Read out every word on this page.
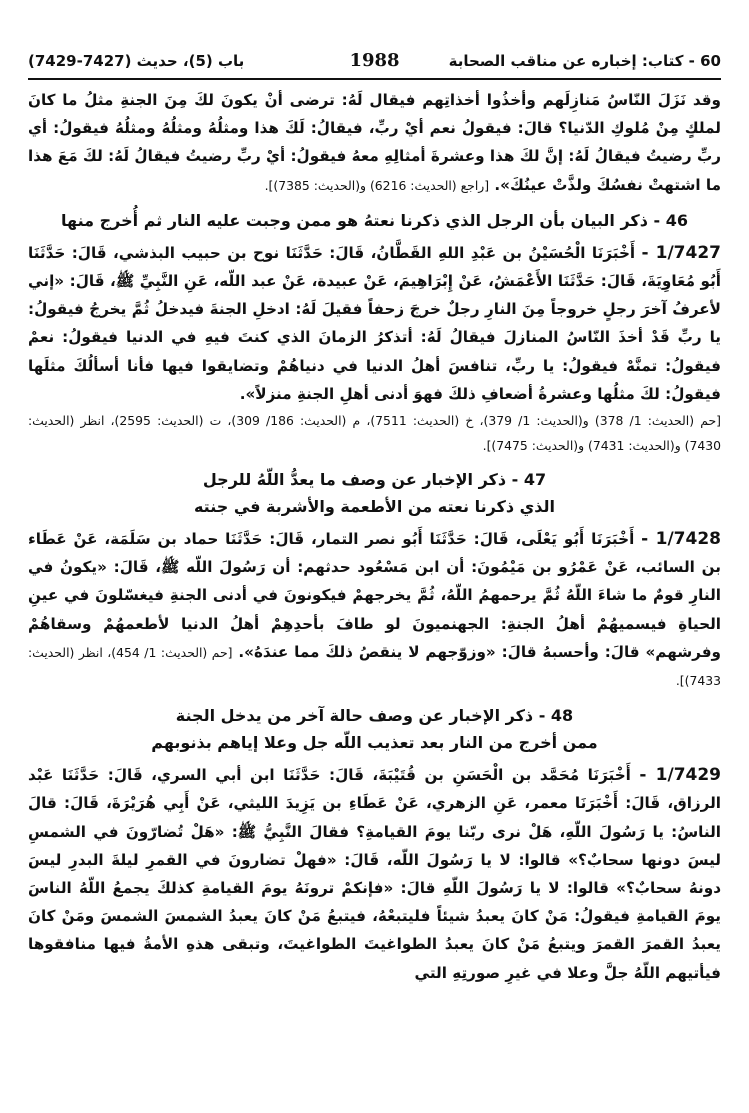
60 - كتاب: إخباره عن مناقب الصحابة
1988
باب (5)، حديث (7427-7429)

وقد نَزَلَ النّاسُ مَنازِلَهم وأخذُوا أخذاتِهم فيقال لَهُ: ترضى أنْ يكونَ لكَ مِنَ الجنةِ مثلُ ما كانَ لملكٍ مِنْ مُلوكِ الدّنيا؟ قالَ: فيقولُ نعم أيْ ربِّ، فيقالُ: لَكَ هذا ومثلُهُ ومثلُهُ ومثلُهُ فيقولُ: أي ربِّ رضيتُ فيقالُ لَهُ: إنَّ لكَ هذا وعشرةَ أمثالِهِ معهُ فيقولُ: أيْ ربِّ رضيتُ فيقالُ لَهُ: لكَ مَعَ هذا ما اشتهتْ نفسُكَ ولذَّتْ عينُكَ». [راجع (الحديث: 6216) و(الحديث: 7385)].

46 - ذكر البيان بأن الرجل الذي ذكرنا نعتهُ هو ممن وجبت عليه النار ثم أُخرج منها

1/7427 - أَخْبَرَنَا الْحُسَيْنُ بن عَبْدِ اللهِ القَطَّانُ، قَالَ: حَدَّثَنَا نوح بن حبيب البذشي، قَالَ: حَدَّثَنَا أَبُو مُعَاوِيَةَ، قَالَ: حَدَّثَنَا الأَعْمَشُ، عَنْ إِبْرَاهِيمَ، عَنْ عبيدة، عَنْ عبد اللّه، عَنِ النَّبِيِّ ﷺ، قَالَ: «إني لأعرفُ آخرَ رجلٍ خروجاً مِنَ النارِ رجلٌ خرجَ زحفاً فقيلَ لَهُ: ادخلِ الجنةَ فيدخلُ ثُمَّ يخرجُ فيقولُ: يا ربِّ قَدْ أخذَ النّاسُ المنازلَ فيقالُ لَهُ: أتذكرُ الزمانَ الذي كنتَ فيهِ في الدنيا فيقولُ: نعمْ فيقولُ: تمنَّهْ فيقولُ: يا ربِّ، تنافسَ أهلُ الدنيا في دنياهُمْ وتضايقوا فيها فأنا أسألُكَ مثلَها فيقولُ: لكَ مثلُها وعشرةُ أضعافِ ذلكَ فهوَ أدنى أهلِ الجنةِ منزلاً».

[حم (الحديث: 1/ 378) و(الحديث: 1/ 379)، خ (الحديث: 7511)، م (الحديث: 186/ 309)، ت (الحديث: 2595)، انظر (الحديث: 7430) و(الحديث: 7431) و(الحديث: 7475)].

47 - ذكر الإخبار عن وصف ما يعدُّ اللّهُ للرجل
الذي ذكرنا نعته من الأطعمة والأشربة في جنته

1/7428 - أَخْبَرَنَا أَبُو يَعْلَى، قَالَ: حَدَّثَنَا أَبُو نصر التمار، قَالَ: حَدَّثَنَا حماد بن سَلَمَة، عَنْ عَطَاء بن السائب، عَنْ عَمْرُو بن مَيْمُونَ: أن ابن مَسْعُود حدثهم: أن رَسُولَ اللّه ﷺ، قَالَ: «يكونُ في النارِ قومٌ ما شاءَ اللّهُ ثُمَّ يرحمهمُ اللّهُ، ثُمَّ يخرجهمْ فيكونونَ في أدنى الجنةِ فيغسّلونَ في عينِ الحياةِ فيسميهُمْ أهلُ الجنةِ: الجهنميونَ لو طافَ بأحدِهِمْ أهلُ الدنيا لأطعمهُمْ وسقاهُمْ وفرشهم» قالَ: وأحسبهُ قالَ: «وزوّجهم لا ينقصُ ذلكَ مما عندَهُ». [حم (الحديث: 1/ 454)، انظر (الحديث: 7433)].

48 - ذكر الإخبار عن وصف حالة آخر من يدخل الجنة
ممن أخرج من النار بعد تعذيب اللّه جل وعلا إياهم بذنوبهم

1/7429 - أَخْبَرَنَا مُحَمَّد بن الْحَسَنِ بن قُتَيْبَةَ، قَالَ: حَدَّثَنَا ابن أبي السري، قَالَ: حَدَّثَنَا عَبْد الرزاق، قَالَ: أَخْبَرَنَا معمر، عَنِ الزهري، عَنْ عَطَاءِ بن يَزِيدَ الليثي، عَنْ أَبِي هُرَيْرَةَ، قَالَ: قالَ الناسُ: يا رَسُولَ اللّهِ، هَلْ نرى ربّنا يومَ القيامةِ؟ فقالَ النَّبِيُّ ﷺ: «هَلْ تُضارّونَ في الشمسِ ليسَ دونها سحابٌ؟» قالوا: لا يا رَسُولَ اللّه، قَالَ: «فهلْ تضارونَ في القمرِ ليلةَ البدرِ ليسَ دونهُ سحابٌ؟» قالوا: لا يا رَسُولَ اللّهِ قالَ: «فإنكمْ ترونَهُ يومَ القيامةِ كذلكَ يجمعُ اللّهُ الناسَ يومَ القيامةِ فيقولُ: مَنْ كانَ يعبدُ شيئاً فليتبعْهُ، فيتبعُ مَنْ كانَ يعبدُ الشمسَ الشمسَ ومَنْ كانَ يعبدُ القمرَ القمرَ ويتبعُ مَنْ كانَ يعبدُ الطواغيتَ الطواغيتَ، وتبقى هذهِ الأمةُ فيها منافقوها فيأتيهم اللّهُ جلَّ وعلا في غيرِ صورتِهِ التي
